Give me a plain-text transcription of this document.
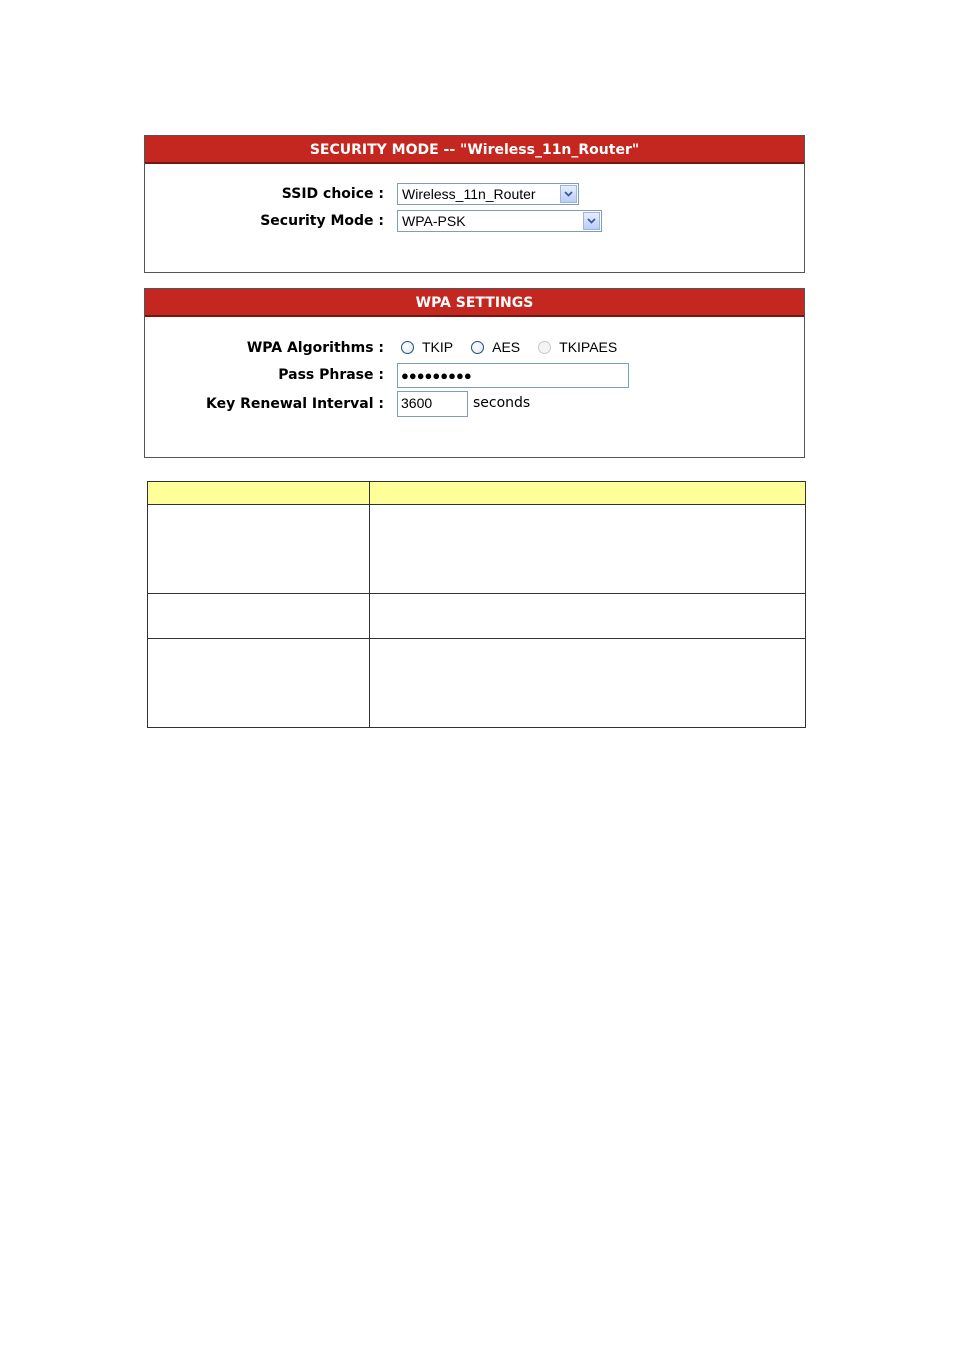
SECURITY MODE -- "Wireless_11n_Router"
SSID choice :	Wireless_11n_Router
Security Mode :	WPA-PSK
WPA SETTINGS
WPA Algorithms :	TKIP	AES	TKIPAES
Pass Phrase :	●●●●●●●●●
Key Renewal Interval : 3600	seconds
